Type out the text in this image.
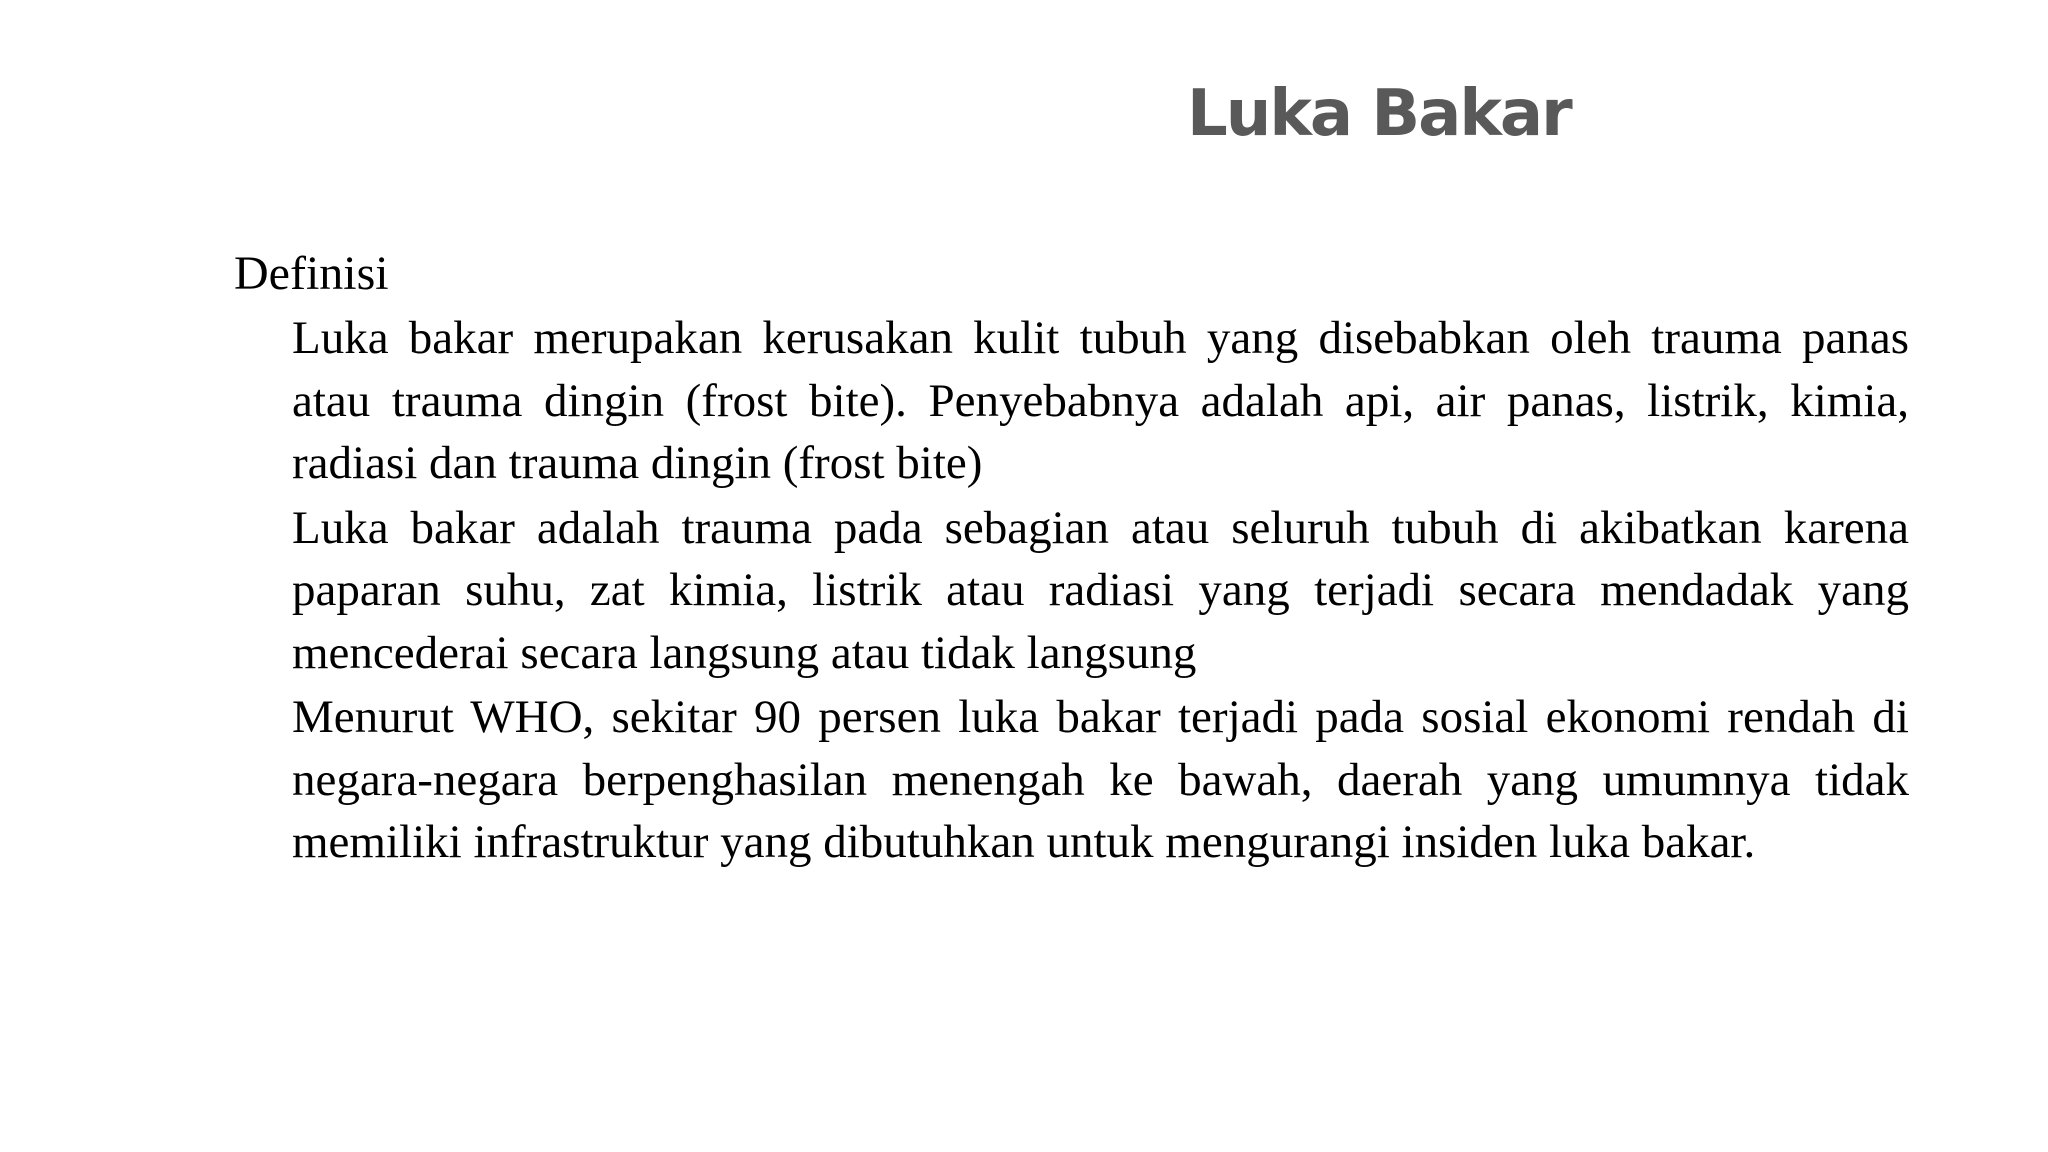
Luka Bakar
Definisi

Luka bakar merupakan kerusakan kulit tubuh yang disebabkan oleh trauma panas atau trauma dingin (frost bite). Penyebabnya adalah api, air panas, listrik, kimia, radiasi dan trauma dingin (frost bite)

Luka bakar adalah trauma pada sebagian atau seluruh tubuh di akibatkan karena paparan suhu, zat kimia, listrik atau radiasi yang terjadi secara mendadak yang mencederai secara langsung atau tidak langsung

Menurut WHO, sekitar 90 persen luka bakar terjadi pada sosial ekonomi rendah di negara-negara berpenghasilan menengah ke bawah, daerah yang umumnya tidak memiliki infrastruktur yang dibutuhkan untuk mengurangi insiden luka bakar.
